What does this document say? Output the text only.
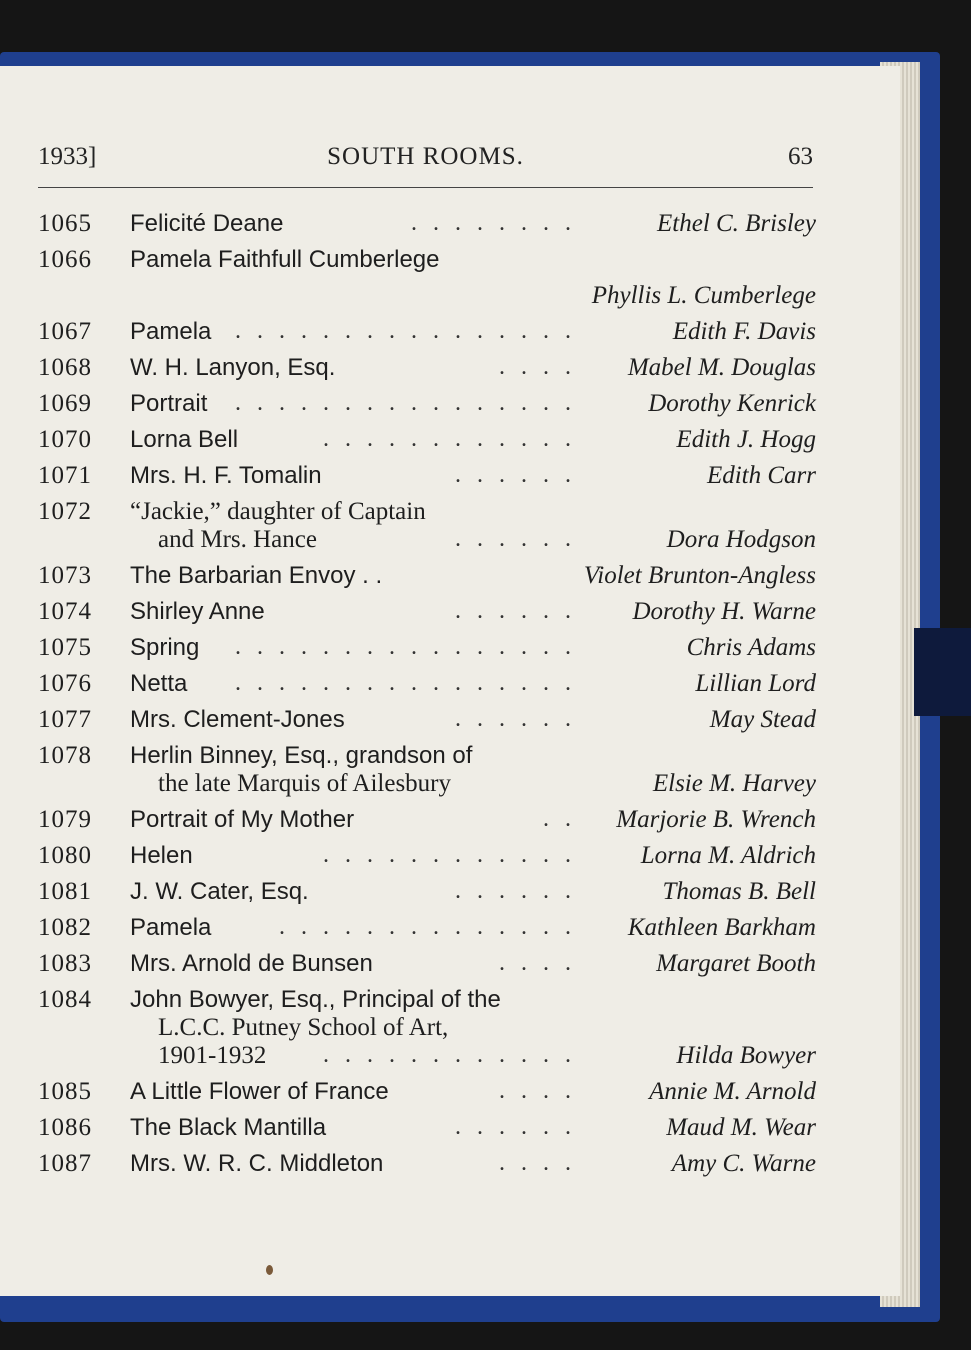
1933]	SOUTH ROOMS.	63
1065 Felicité Deane	. . . . . . . .	Ethel C. Brisley
1066 Pamela Faithfull Cumberlege
Phyllis L. Cumberlege
1067 Pamela . . . . . . . . . . . . . . . .	Edith F. Davis
1068 W. H. Lanyon, Esq.	. . . . Mabel M. Douglas
1069 Portrait . . . . . . . . . . . . . . . .	Dorothy Kenrick
1070 Lorna Bell	. . . . . . . . . . . .	Edith J. Hogg
1071 Mrs. H. F. Tomalin	. . . . . .	Edith Carr
1072 “Jackie,” daughter of Captain
and Mrs. Hance	. . . . . .	Dora Hodgson
1073 The Barbarian Envoy . .	Violet Brunton-Angless
1074 Shirley Anne	. . . . . . Dorothy H. Warne
1075 Spring . . . . . . . . . . . . . . . .	Chris Adams
1076 Netta . . . . . . . . . . . . . . . .	Lillian Lord
1077 Mrs. Clement-Jones	. . . . . .	May Stead
1078 Herlin Binney, Esq., grandson of
the late Marquis of Ailesbury	Elsie M. Harvey
1079 Portrait of My Mother	. . Marjorie B. Wrench
1080 Helen	. . . . . . . . . . . .	Lorna M. Aldrich
1081 J. W. Cater, Esq.	. . . . . .	Thomas B. Bell
1082 Pamela	. . . . . . . . . . . . . . Kathleen Barkham
1083 Mrs. Arnold de Bunsen	. . . .	Margaret Booth
1084 John Bowyer, Esq., Principal of the
L.C.C. Putney School of Art,
1901-1932 . . . . . . . . . . . .	Hilda Bowyer
1085 A Little Flower of France	. . . .	Annie M. Arnold
1086 The Black Mantilla	. . . . . .	Maud M. Wear
1087 Mrs. W. R. C. Middleton	. . . .	Amy C. Warne
